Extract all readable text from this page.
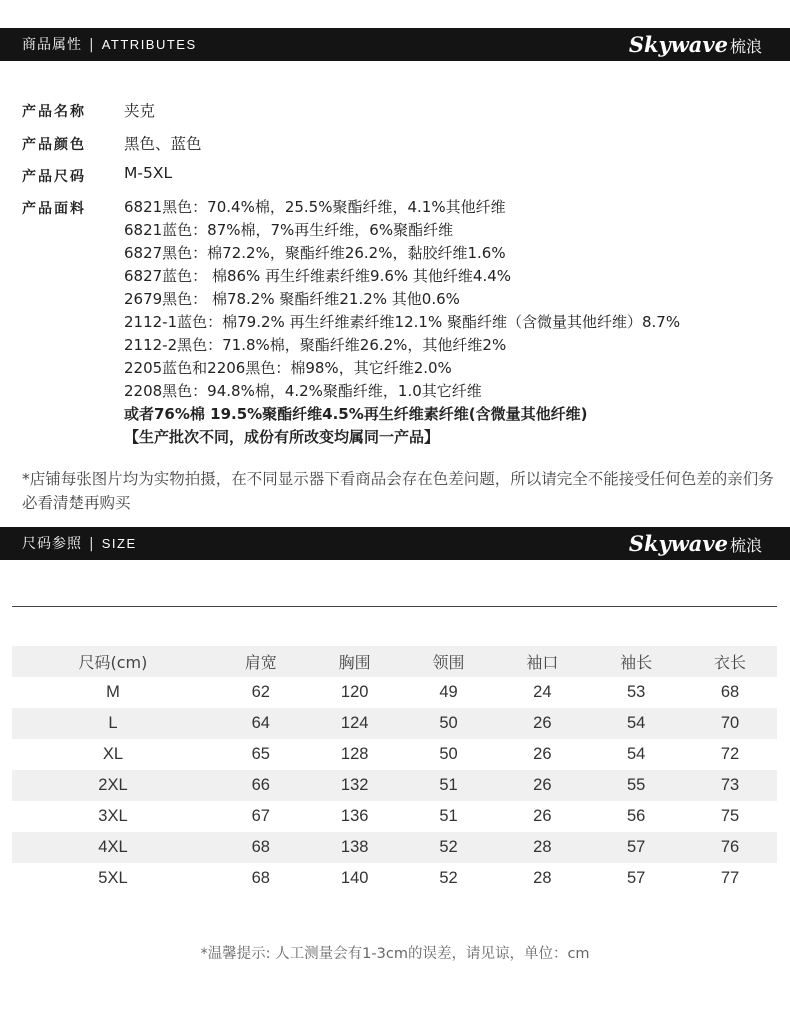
商品属性 | ATTRIBUTES	Skywave 梳浪
产品名称 夹克
产品颜色 黑色、蓝色
产品尺码 M-5XL
产品面料	6821黑色：70.4%棉，25.5%聚酯纤维，4.1%其他纤维
6821蓝色：87%棉，7%再生纤维，6%聚酯纤维
6827黑色：棉72.2%，聚酯纤维26.2%，黏胶纤维1.6%
6827蓝色： 棉86% 再生纤维素纤维9.6% 其他纤维4.4%
2679黑色： 棉78.2% 聚酯纤维21.2% 其他0.6%
2112-1蓝色：棉79.2% 再生纤维素纤维12.1% 聚酯纤维（含微量其他纤维）8.7%
2112-2黑色：71.8%棉，聚酯纤维26.2%，其他纤维2%
2205蓝色和2206黑色：棉98%，其它纤维2.0%
2208黑色：94.8%棉，4.2%聚酯纤维，1.0其它纤维
或者76%棉 19.5%聚酯纤维4.5%再生纤维素纤维(含微量其他纤维)
【生产批次不同，成份有所改变均属同一产品】
*店铺每张图片均为实物拍摄，在不同显示器下看商品会存在色差问题，所以请完全不能接受任何色差的亲们务必看清楚再购买
尺码参照 | SIZE	Skywave 梳浪
尺码(cm)	肩宽	胸围	领围	袖口	袖长	衣长
M	62	120	49	24	53	68
L	64	124	50	26	54	70
XL	65	128	50	26	54	72
2XL	66	132	51	26	55	73
3XL	67	136	51	26	56	75
4XL	68	138	52	28	57	76
5XL	68	140	52	28	57	77
*温馨提示: 人工测量会有1-3cm的误差，请见谅，单位：cm
